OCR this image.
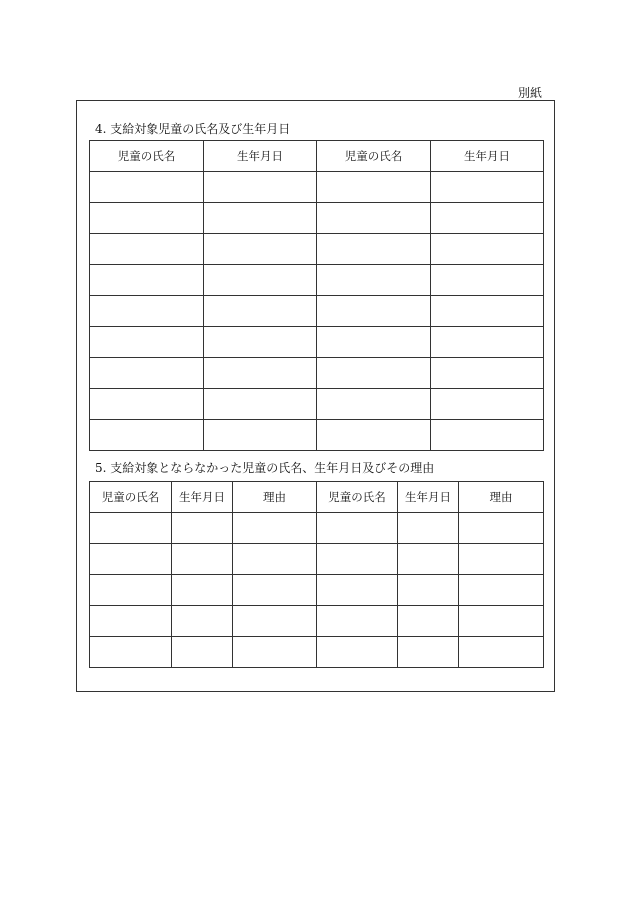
別紙
4. 支給対象児童の氏名及び生年月日
児童の氏名	生年月日	児童の氏名	生年月日

5. 支給対象とならなかった児童の氏名、生年月日及びその理由
児童の氏名	生年月日	理由	児童の氏名	生年月日	理由
